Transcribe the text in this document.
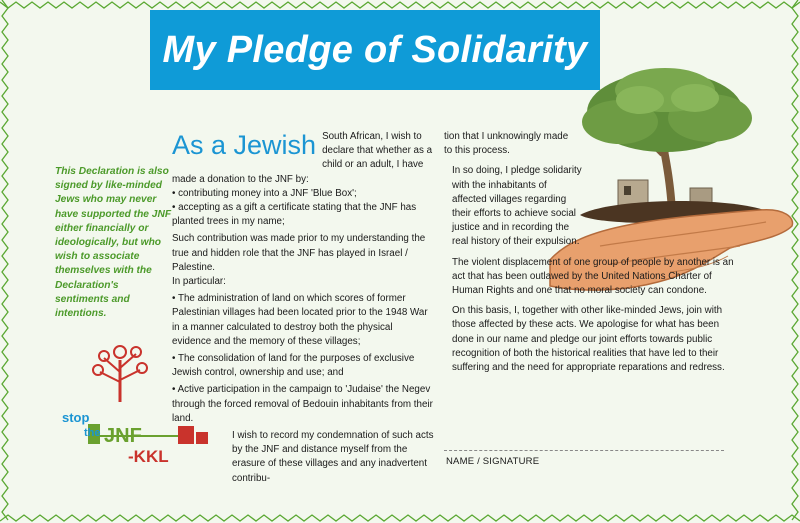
My Pledge of Solidarity
This Declaration is also signed by like-minded Jews who may never have supported the JNF either financially or ideologically, but who wish to associate themselves with the Declaration's sentiments and intentions.
As a Jewish South African, I wish to declare that whether as a child or an adult, I have made a donation to the JNF by:

• contributing money into a JNF 'Blue Box';

• accepting as a gift a certificate stating that the JNF has planted trees in my name;

Such contribution was made prior to my understanding the true and hidden role that the JNF has played in Israel / Palestine.

In particular:

• The administration of land on which scores of former Palestinian villages had been located prior to the 1948 War in a manner calculated to destroy both the physical evidence and the memory of these villages;

• The consolidation of land for the purposes of exclusive Jewish control, ownership and use; and

• Active participation in the campaign to 'Judaise' the Negev through the forced removal of Bedouin inhabitants from their land.

I wish to record my condemnation of such acts by the JNF and distance myself from the erasure of these villages and any inadvertent contribu-

tion that I unknowingly made to this process.

In so doing, I pledge solidarity with the inhabitants of affected villages regarding their efforts to achieve social justice and in recording the real history of their expulsion.

The violent displacement of one group of people by another is an act that has been outlawed by the United Nations Charter of Human Rights and one that no moral society can condone.

On this basis, I, together with other like-minded Jews, join with those affected by these acts. We apologise for what has been done in our name and pledge our joint efforts towards public recognition of both the historical realities that have led to their suffering and the need for appropriate reparations and redress.

NAME / SIGNATURE
stop
the JNF
-KKL
